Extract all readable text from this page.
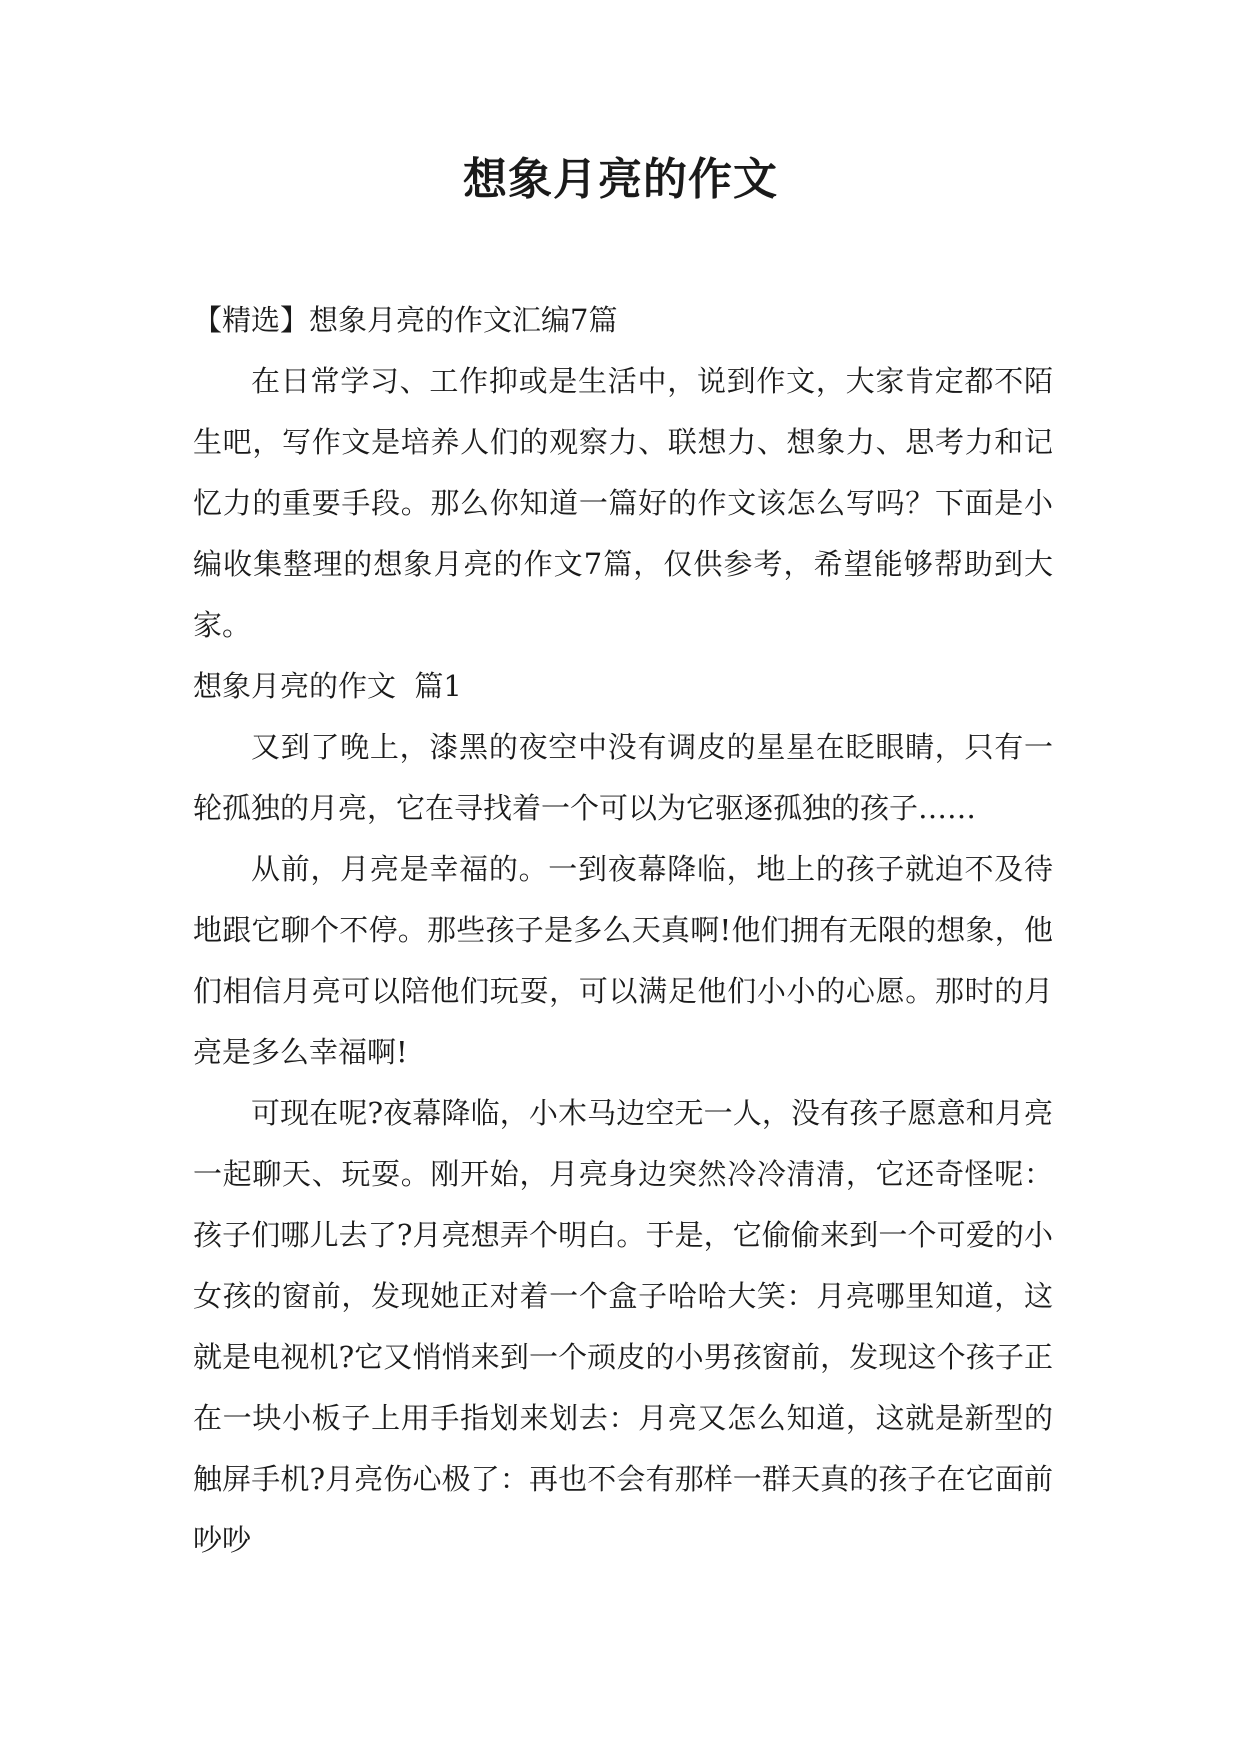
想象月亮的作文

【精选】想象月亮的作文汇编7篇

在日常学习、工作抑或是生活中，说到作文，大家肯定都不陌生吧，写作文是培养人们的观察力、联想力、想象力、思考力和记忆力的重要手段。那么你知道一篇好的作文该怎么写吗？下面是小编收集整理的想象月亮的作文7篇，仅供参考，希望能够帮助到大家。

想象月亮的作文  篇1

又到了晚上，漆黑的夜空中没有调皮的星星在眨眼睛，只有一轮孤独的月亮，它在寻找着一个可以为它驱逐孤独的孩子……

从前，月亮是幸福的。一到夜幕降临，地上的孩子就迫不及待地跟它聊个不停。那些孩子是多么天真啊!他们拥有无限的想象，他们相信月亮可以陪他们玩耍，可以满足他们小小的心愿。那时的月亮是多么幸福啊!

可现在呢?夜幕降临，小木马边空无一人，没有孩子愿意和月亮一起聊天、玩耍。刚开始，月亮身边突然冷冷清清，它还奇怪呢：孩子们哪儿去了?月亮想弄个明白。于是，它偷偷来到一个可爱的小女孩的窗前，发现她正对着一个盒子哈哈大笑：月亮哪里知道，这就是电视机?它又悄悄来到一个顽皮的小男孩窗前，发现这个孩子正在一块小板子上用手指划来划去：月亮又怎么知道，这就是新型的触屏手机?月亮伤心极了：再也不会有那样一群天真的孩子在它面前吵吵
